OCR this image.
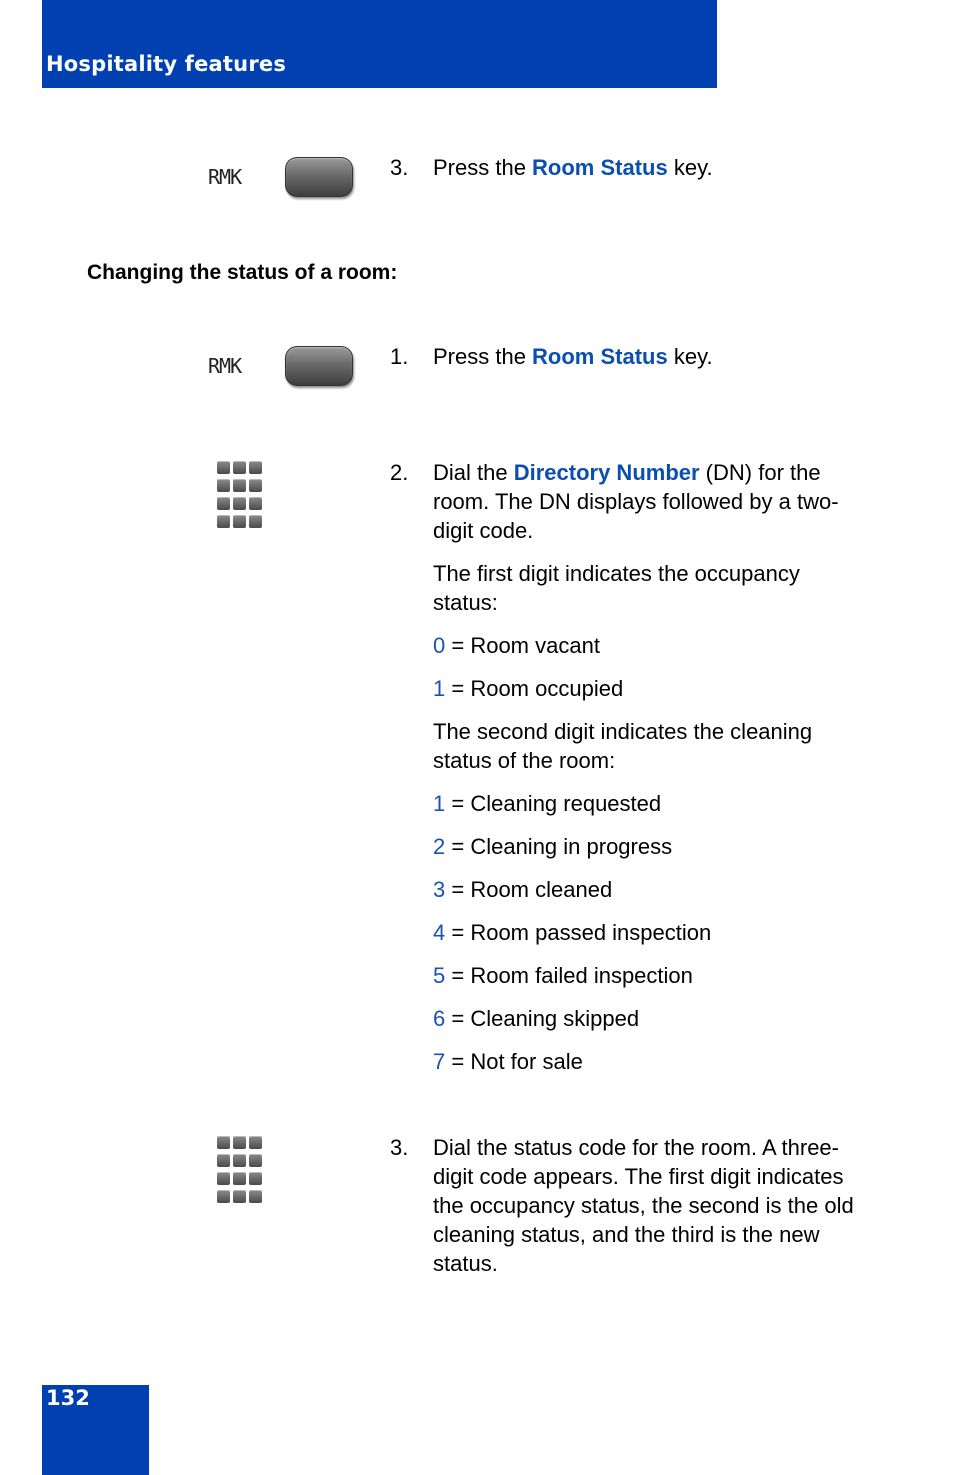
Hospitality features
RMK	3. Press the Room Status key.

Changing the status of a room:
RMK	1. Press the Room Status key.

2. Dial the Directory Number (DN) for the room. The DN displays followed by a two-digit code.

The first digit indicates the occupancy status:

0 = Room vacant

1 = Room occupied

The second digit indicates the cleaning status of the room:

1 = Cleaning requested

2 = Cleaning in progress

3 = Room cleaned

4 = Room passed inspection

5 = Room failed inspection

6 = Cleaning skipped

7 = Not for sale

3. Dial the status code for the room. A three-digit code appears. The first digit indicates the occupancy status, the second is the old cleaning status, and the third is the new status.

132
